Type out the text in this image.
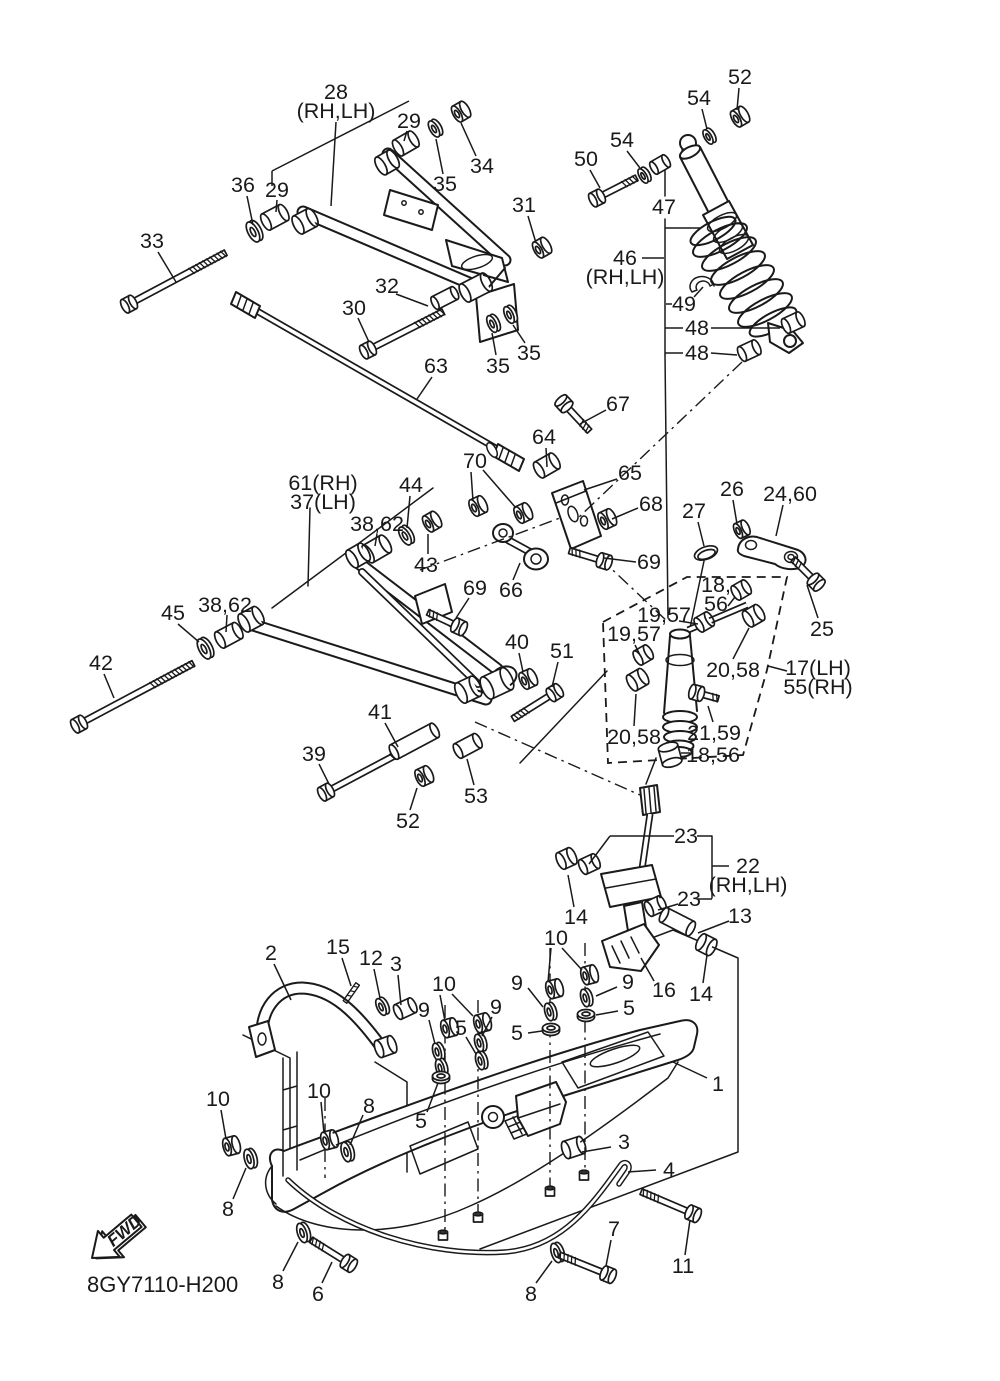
FWD
8GY7110-H200
28
(RH,LH) 29
34
35
36 29
33
31
52
54
54
50
47
46
(RH,LH)
49
48
48
30
32
35
35
63
67
64
70	65
68
26 24,60
27
25
61(RH)
37(LH)
44
38,62
43
69 66
69
19,57
19,57
18,
56
20,58 17(LH)
55(RH)
21,59
20,58
18,56
45 38,62
42
39
41
52
53
40 51
23
22
(RH,LH)
23
13
14
14
16
10
9
5
2 15 12 3
10
9
5
9
9
5
1
10	10
8
5
8
8 6
3
4
7
11
8
